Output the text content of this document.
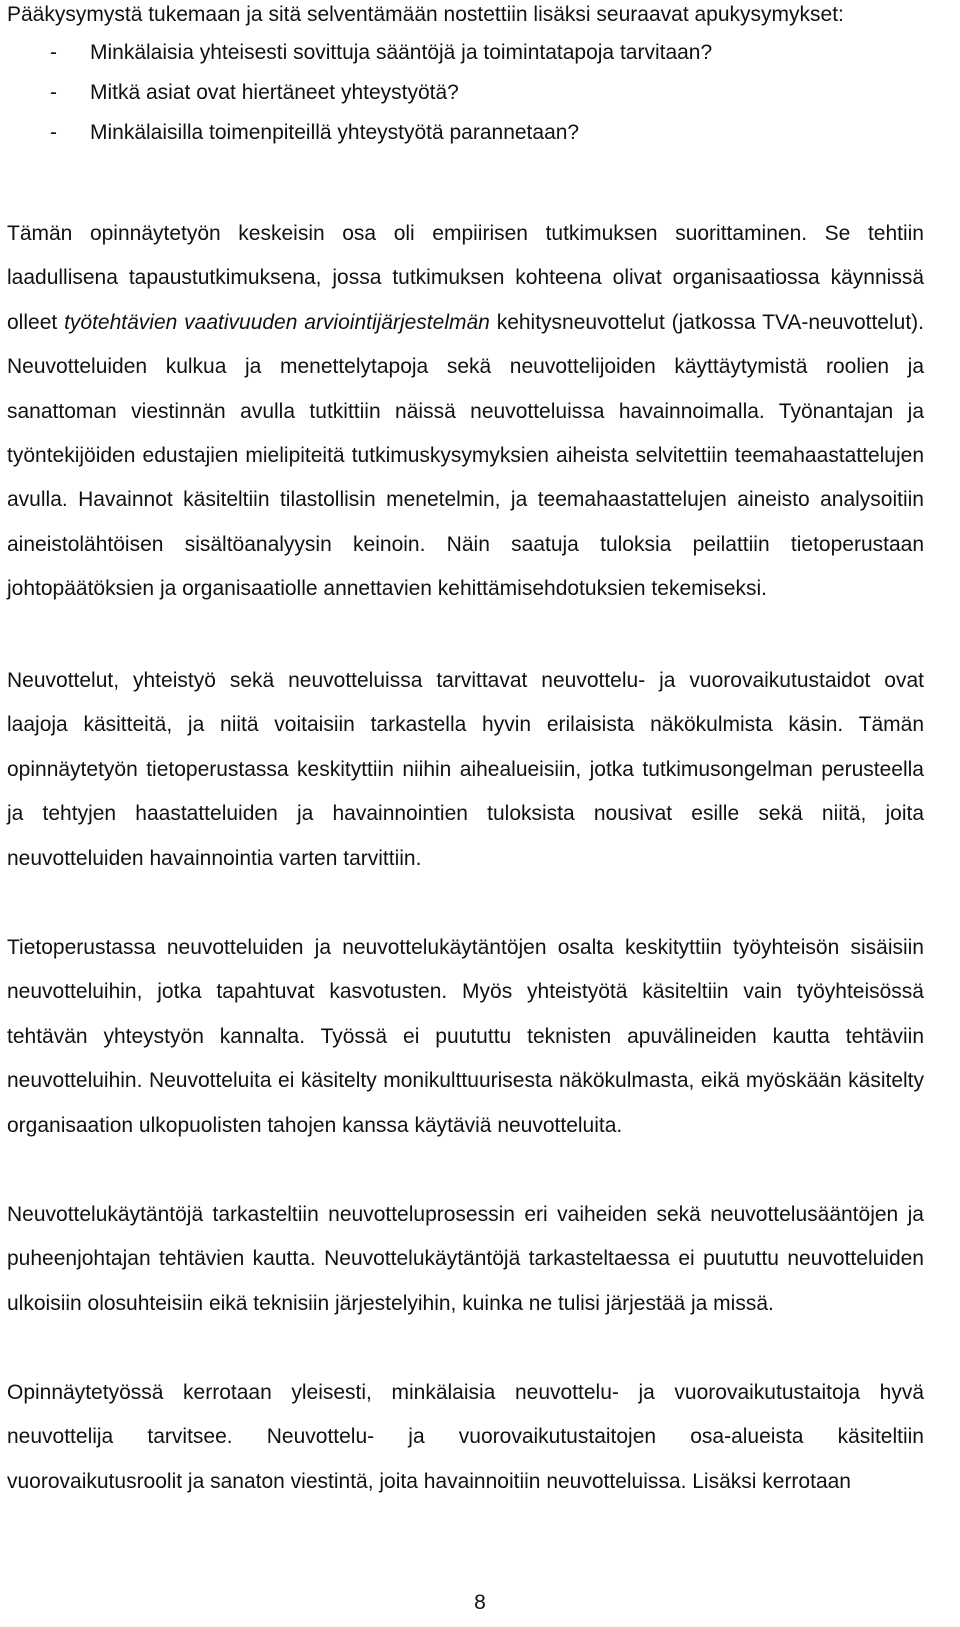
Pääkysymystä tukemaan ja sitä selventämään nostettiin lisäksi seuraavat apukysymykset:

-	Minkälaisia yhteisesti sovittuja sääntöjä ja toimintatapoja tarvitaan?
-	Mitkä asiat ovat hiertäneet yhteystyötä?
-	Minkälaisilla toimenpiteillä yhteystyötä parannetaan?

Tämän opinnäytetyön keskeisin osa oli empiirisen tutkimuksen suorittaminen. Se tehtiin laadullisena tapaustutkimuksena, jossa tutkimuksen kohteena olivat organisaatiossa käynnissä olleet työtehtävien vaativuuden arviointijärjestelmän kehitysneuvottelut (jatkossa TVA-neuvottelut). Neuvotteluiden kulkua ja menettelytapoja sekä neuvottelijoiden käyttäytymistä roolien ja sanattoman viestinnän avulla tutkittiin näissä neuvotteluissa havainnoimalla. Työnantajan ja työntekijöiden edustajien mielipiteitä tutkimuskysymyksien aiheista selvitettiin teemahaastattelujen avulla. Havainnot käsiteltiin tilastollisin menetelmin, ja teemahaastattelujen aineisto analysoitiin aineistolähtöisen sisältöanalyysin keinoin. Näin saatuja tuloksia peilattiin tietoperustaan johtopäätöksien ja organisaatiolle annettavien kehittämisehdotuksien tekemiseksi.

Neuvottelut, yhteistyö sekä neuvotteluissa tarvittavat neuvottelu- ja vuorovaikutustaidot ovat laajoja käsitteitä, ja niitä voitaisiin tarkastella hyvin erilaisista näkökulmista käsin. Tämän opinnäytetyön tietoperustassa keskityttiin niihin aihealueisiin, jotka tutkimusongelman perusteella ja tehtyjen haastatteluiden ja havainnointien tuloksista nousivat esille sekä niitä, joita neuvotteluiden havainnointia varten tarvittiin.

Tietoperustassa neuvotteluiden ja neuvottelukäytäntöjen osalta keskityttiin työyhteisön sisäisiin neuvotteluihin, jotka tapahtuvat kasvotusten. Myös yhteistyötä käsiteltiin vain työyhteisössä tehtävän yhteystyön kannalta. Työssä ei puututtu teknisten apuvälineiden kautta tehtäviin neuvotteluihin. Neuvotteluita ei käsitelty monikulttuurisesta näkökulmasta, eikä myöskään käsitelty organisaation ulkopuolisten tahojen kanssa käytäviä neuvotteluita.

Neuvottelukäytäntöjä tarkasteltiin neuvotteluprosessin eri vaiheiden sekä neuvottelusääntöjen ja puheenjohtajan tehtävien kautta. Neuvottelukäytäntöjä tarkasteltaessa ei puututtu neuvotteluiden ulkoisiin olosuhteisiin eikä teknisiin järjestelyihin, kuinka ne tulisi järjestää ja missä.

Opinnäytetyössä kerrotaan yleisesti, minkälaisia neuvottelu- ja vuorovaikutustaitoja hyvä neuvottelija tarvitsee. Neuvottelu- ja vuorovaikutustaitojen osa-alueista käsiteltiin vuorovaikutusroolit ja sanaton viestintä, joita havainnoitiin neuvotteluissa. Lisäksi kerrotaan

8
